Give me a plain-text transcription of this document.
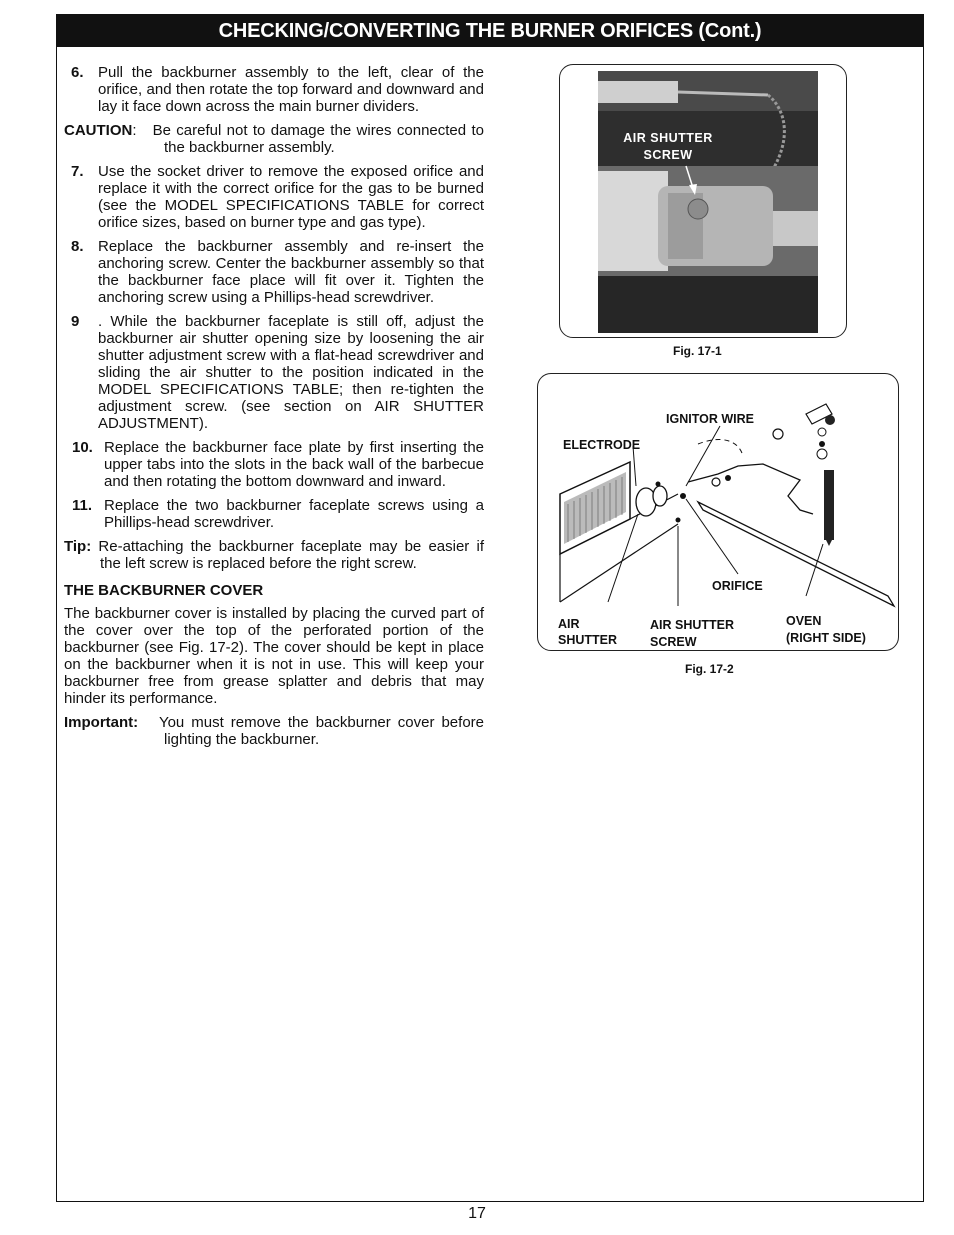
CHECKING/CONVERTING THE BURNER ORIFICES (Cont.)
6. Pull the backburner assembly to the left, clear of the orifice, and then rotate the top forward and downward and lay it face down across the main burner dividers.
CAUTION: Be careful not to damage the wires connected to the backburner assembly.
7. Use the socket driver to remove the exposed orifice and replace it with the correct orifice for the gas to be burned (see the MODEL SPECIFICATIONS TABLE for correct orifice sizes, based on burner type and gas type).
8. Replace the backburner assembly and re-insert the anchoring screw. Center the backburner assembly so that the backburner face place will fit over it. Tighten the anchoring screw using a Phillips-head screwdriver.
9 . While the backburner faceplate is still off, adjust the backburner air shutter opening size by loosening the air shutter adjustment screw with a flat-head screwdriver and sliding the air shutter to the position indicated in the MODEL SPECIFICATIONS TABLE; then re-tighten the adjustment screw. (see section on AIR SHUTTER ADJUSTMENT).
10. Replace the backburner face plate by first inserting the upper tabs into the slots in the back wall of the barbecue and then rotating the bottom downward and inward.
11. Replace the two backburner faceplate screws using a Phillips-head screwdriver.
Tip: Re-attaching the backburner faceplate may be easier if the left screw is replaced before the right screw.
THE BACKBURNER COVER
The backburner cover is installed by placing the curved part of the cover over the top of the perforated portion of the backburner (see Fig. 17-2). The cover should be kept in place on the backburner when it is not in use. This will keep your backburner free from grease splatter and debris that may hinder its performance.
Important: You must remove the backburner cover before lighting the backburner.
AIR SHUTTER
SCREW
Fig. 17-1
IGNITOR WIRE
ELECTRODE
ORIFICE
AIR
SHUTTER
AIR SHUTTER
SCREW
OVEN
(RIGHT SIDE)
Fig. 17-2
17
